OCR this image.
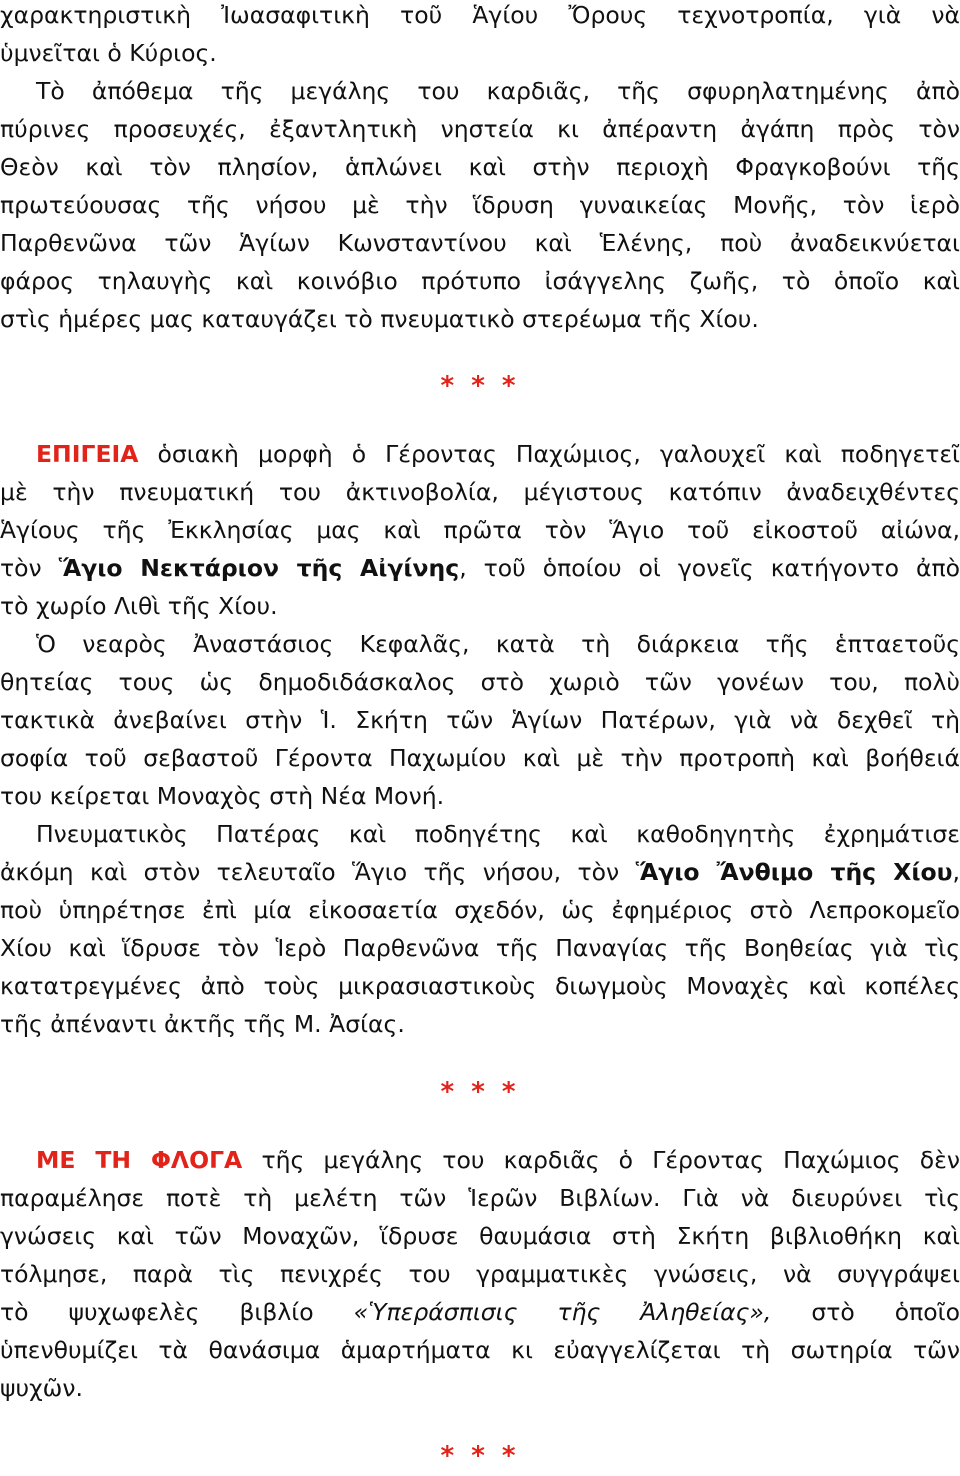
χαρακτηριστικὴ Ἰωασαφιτικὴ τοῦ Ἁγίου Ὄρους τεχνοτροπία, γιὰ νὰ
ὑμνεῖται ὁ Κύριος.
Τὸ ἀπόθεμα τῆς μεγάλης του καρδιᾶς, τῆς σφυρηλατημένης ἀπὸ
πύρινες προσευχές, ἐξαντλητικὴ νηστεία κι ἀπέραντη ἀγάπη πρὸς τὸν
Θεὸν καὶ τὸν πλησίον, ἁπλώνει καὶ στὴν περιοχὴ Φραγκοβούνι τῆς
πρωτεύουσας τῆς νήσου μὲ τὴν ἵδρυση γυναικείας Μονῆς, τὸν ἱερὸ
Παρθενῶνα τῶν Ἁγίων Κωνσταντίνου καὶ Ἑλένης, ποὺ ἀναδεικνύεται
φάρος τηλαυγὴς καὶ κοινόβιο πρότυπο ἰσάγγελης ζωῆς, τὸ ὁποῖο καὶ
στὶς ἡμέρες μας καταυγάζει τὸ πνευματικὸ στερέωμα τῆς Χίου.
* * *
ΕΠΙΓΕΙΑ ὁσιακὴ μορφὴ ὁ Γέροντας Παχώμιος, γαλουχεῖ καὶ ποδηγετεῖ
μὲ τὴν πνευματική του ἀκτινοβολία, μέγιστους κατόπιν ἀναδειχθέντες
Ἁγίους τῆς Ἐκκλησίας μας καὶ πρῶτα τὸν Ἅγιο τοῦ εἰκοστοῦ αἰώνα,
τὸν Ἅγιο Νεκτάριον τῆς Αἰγίνης, τοῦ ὁποίου οἱ γονεῖς κατήγοντο ἀπὸ
τὸ χωρίο Λιθὶ τῆς Χίου.
Ὁ νεαρὸς Ἀναστάσιος Κεφαλᾶς, κατὰ τὴ διάρκεια τῆς ἑπταετοῦς
θητείας τους ὡς δημοδιδάσκαλος στὸ χωριὸ τῶν γονέων του, πολὺ
τακτικὰ ἀνεβαίνει στὴν Ἱ. Σκήτη τῶν Ἁγίων Πατέρων, γιὰ νὰ δεχθεῖ τὴ
σοφία τοῦ σεβαστοῦ Γέροντα Παχωμίου καὶ μὲ τὴν προτροπὴ καὶ βοήθειά
του κείρεται Μοναχὸς στὴ Νέα Μονή.
Πνευματικὸς Πατέρας καὶ ποδηγέτης καὶ καθοδηγητὴς ἐχρημάτισε
ἀκόμη καὶ στὸν τελευταῖο Ἅγιο τῆς νήσου, τὸν Ἅγιο Ἄνθιμο τῆς Χίου,
ποὺ ὑπηρέτησε ἐπὶ μία εἰκοσαετία σχεδόν, ὡς ἐφημέριος στὸ Λεπροκομεῖο
Χίου καὶ ἵδρυσε τὸν Ἱερὸ Παρθενῶνα τῆς Παναγίας τῆς Βοηθείας γιὰ τὶς
κατατρεγμένες ἀπὸ τοὺς μικρασιαστικοὺς διωγμοὺς Μοναχὲς καὶ κοπέλες
τῆς ἀπέναντι ἀκτῆς τῆς Μ. Ἀσίας.
* * *
ΜΕ ΤΗ ΦΛΟΓΑ τῆς μεγάλης του καρδιᾶς ὁ Γέροντας Παχώμιος δὲν
παραμέλησε ποτὲ τὴ μελέτη τῶν Ἱερῶν Βιβλίων. Γιὰ νὰ διευρύνει τὶς
γνώσεις καὶ τῶν Μοναχῶν, ἵδρυσε θαυμάσια στὴ Σκήτη βιβλιοθήκη καὶ
τόλμησε, παρὰ τὶς πενιχρές του γραμματικὲς γνώσεις, νὰ συγγράψει
τὸ ψυχωφελὲς βιβλίο «Ὑπεράσπισις τῆς Ἀληθείας», στὸ ὁποῖο
ὑπενθυμίζει τὰ θανάσιμα ἁμαρτήματα κι εὐαγγελίζεται τὴ σωτηρία τῶν
ψυχῶν.
* * *
